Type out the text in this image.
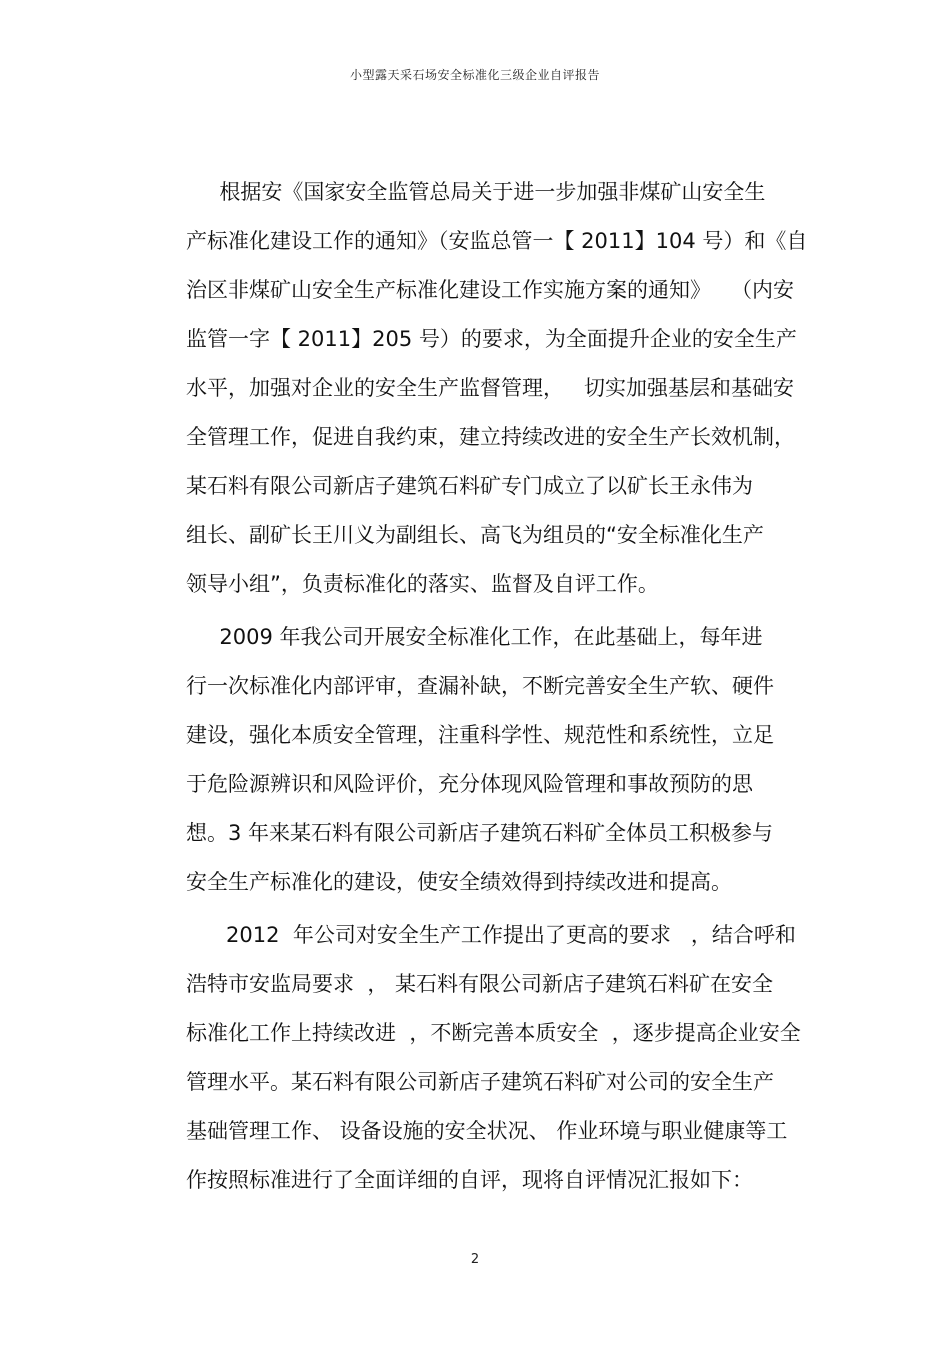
小型露天采石场安全标准化三级企业自评报告
根据安《国家安全监管总局关于进一步加强非煤矿山安全生
产标准化建设工作的通知》（安监总管一【 2011】104 号）和《自
治区非煤矿山安全生产标准化建设工作实施方案的通知》   （内安
监管一字【 2011】205 号）的要求，为全面提升企业的安全生产
水平，加强对企业的安全生产监督管理，   切实加强基层和基础安
全管理工作，促进自我约束，建立持续改进的安全生产长效机制，
某石料有限公司新店子建筑石料矿专门成立了以矿长王永伟为
组长、副矿长王川义为副组长、高飞为组员的“安全标准化生产
领导小组”，负责标准化的落实、监督及自评工作。
2009 年我公司开展安全标准化工作，在此基础上，每年进
行一次标准化内部评审，查漏补缺，不断完善安全生产软、硬件
建设，强化本质安全管理，注重科学性、规范性和系统性，立足
于危险源辨识和风险评价，充分体现风险管理和事故预防的思
想。3 年来某石料有限公司新店子建筑石料矿全体员工积极参与
安全生产标准化的建设，使安全绩效得到持续改进和提高。
2012  年公司对安全生产工作提出了更高的要求   ，结合呼和
浩特市安监局要求  ， 某石料有限公司新店子建筑石料矿在安全
标准化工作上持续改进  ，不断完善本质安全  ，逐步提高企业安全
管理水平。某石料有限公司新店子建筑石料矿对公司的安全生产
基础管理工作、 设备设施的安全状况、 作业环境与职业健康等工
作按照标准进行了全面详细的自评，现将自评情况汇报如下：
2
